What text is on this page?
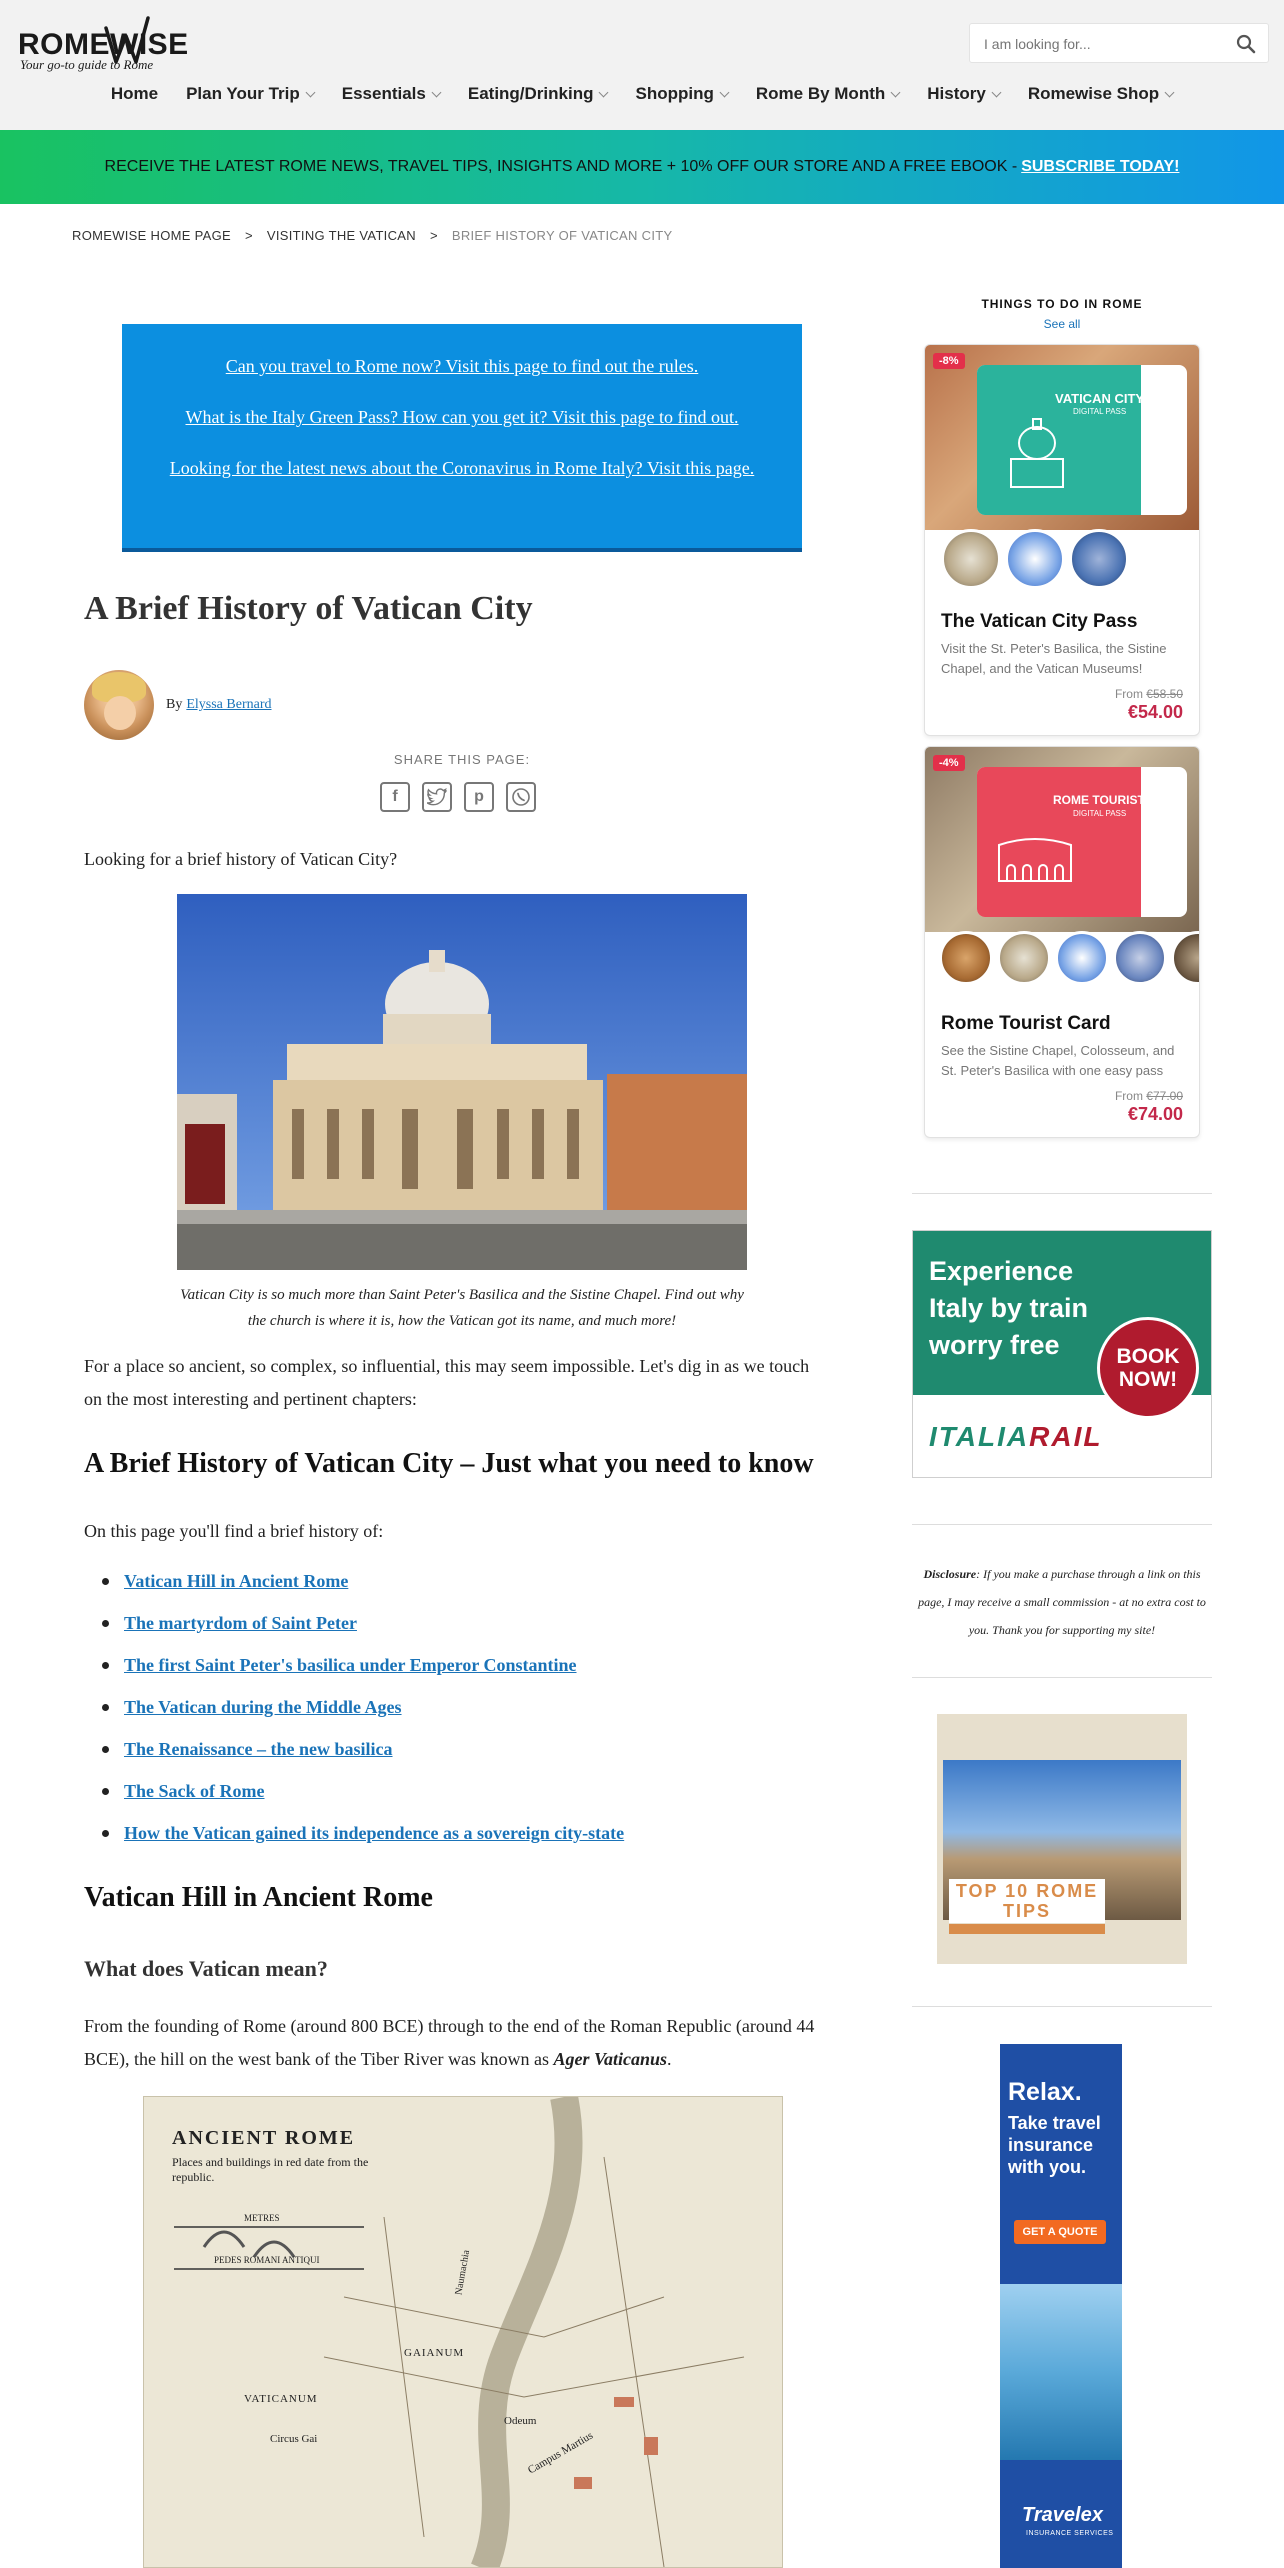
ROMEWISE
Your go-to guide to Rome
I am looking for...
Home Plan Your Trip Essentials Eating/Drinking Shopping Rome By Month History Romewise Shop
RECEIVE THE LATEST ROME NEWS, TRAVEL TIPS, INSIGHTS AND MORE + 10% OFF OUR STORE AND A FREE EBOOK - SUBSCRIBE TODAY!
ROMEWISE HOME PAGE > VISITING THE VATICAN > BRIEF HISTORY OF VATICAN CITY

Can you travel to Rome now? Visit this page to find out the rules.

What is the Italy Green Pass? How can you get it? Visit this page to find out.

Looking for the latest news about the Coronavirus in Rome Italy? Visit this page.

A Brief History of Vatican City
By Elyssa Bernard
SHARE THIS PAGE:
f	p

Looking for a brief history of Vatican City?

Vatican City is so much more than Saint Peter's Basilica and the Sistine Chapel. Find out why the church is where it is, how the Vatican got its name, and much more!

For a place so ancient, so complex, so influential, this may seem impossible. Let's dig in as we touch on the most interesting and pertinent chapters:

A Brief History of Vatican City – Just what you need to know

On this page you'll find a brief history of:

Vatican Hill in Ancient Rome
The martyrdom of Saint Peter
The first Saint Peter's basilica under Emperor Constantine
The Vatican during the Middle Ages
The Renaissance – the new basilica
The Sack of Rome
How the Vatican gained its independence as a sovereign city-state
Vatican Hill in Ancient Rome
What does Vatican mean?

From the founding of Rome (around 800 BCE) through to the end of the Roman Republic (around 44 BCE), the hill on the west bank of the Tiber River was known as Ager Vaticanus.

ANCIENT ROME
Places and buildings in red date from the republic.
METRES
PEDES ROMANI ANTIQUI
VATICANUM
Circus Gai
GAIANUM
Campus Martius
Odeum
Naumachia
THINGS TO DO IN ROME
See all
VATICAN CITY
DIGITAL PASS
-8%
The Vatican City Pass
Visit the St. Peter's Basilica, the Sistine Chapel, and the Vatican Museums!
From €58.50
€54.00
ROME TOURIST
DIGITAL PASS
-4%
Rome Tourist Card
See the Sistine Chapel, Colosseum, and St. Peter's Basilica with one easy pass
From €77.00
€74.00
Experience Italy by train worry free	BOOK NOW!
ITALIARAIL
Disclosure: If you make a purchase through a link on this page, I may receive a small commission - at no extra cost to you. Thank you for supporting my site!
TOP 10 ROME TIPS
Relax.
Take travel insurance with you.
GET A QUOTE
Travelex
INSURANCE SERVICES
